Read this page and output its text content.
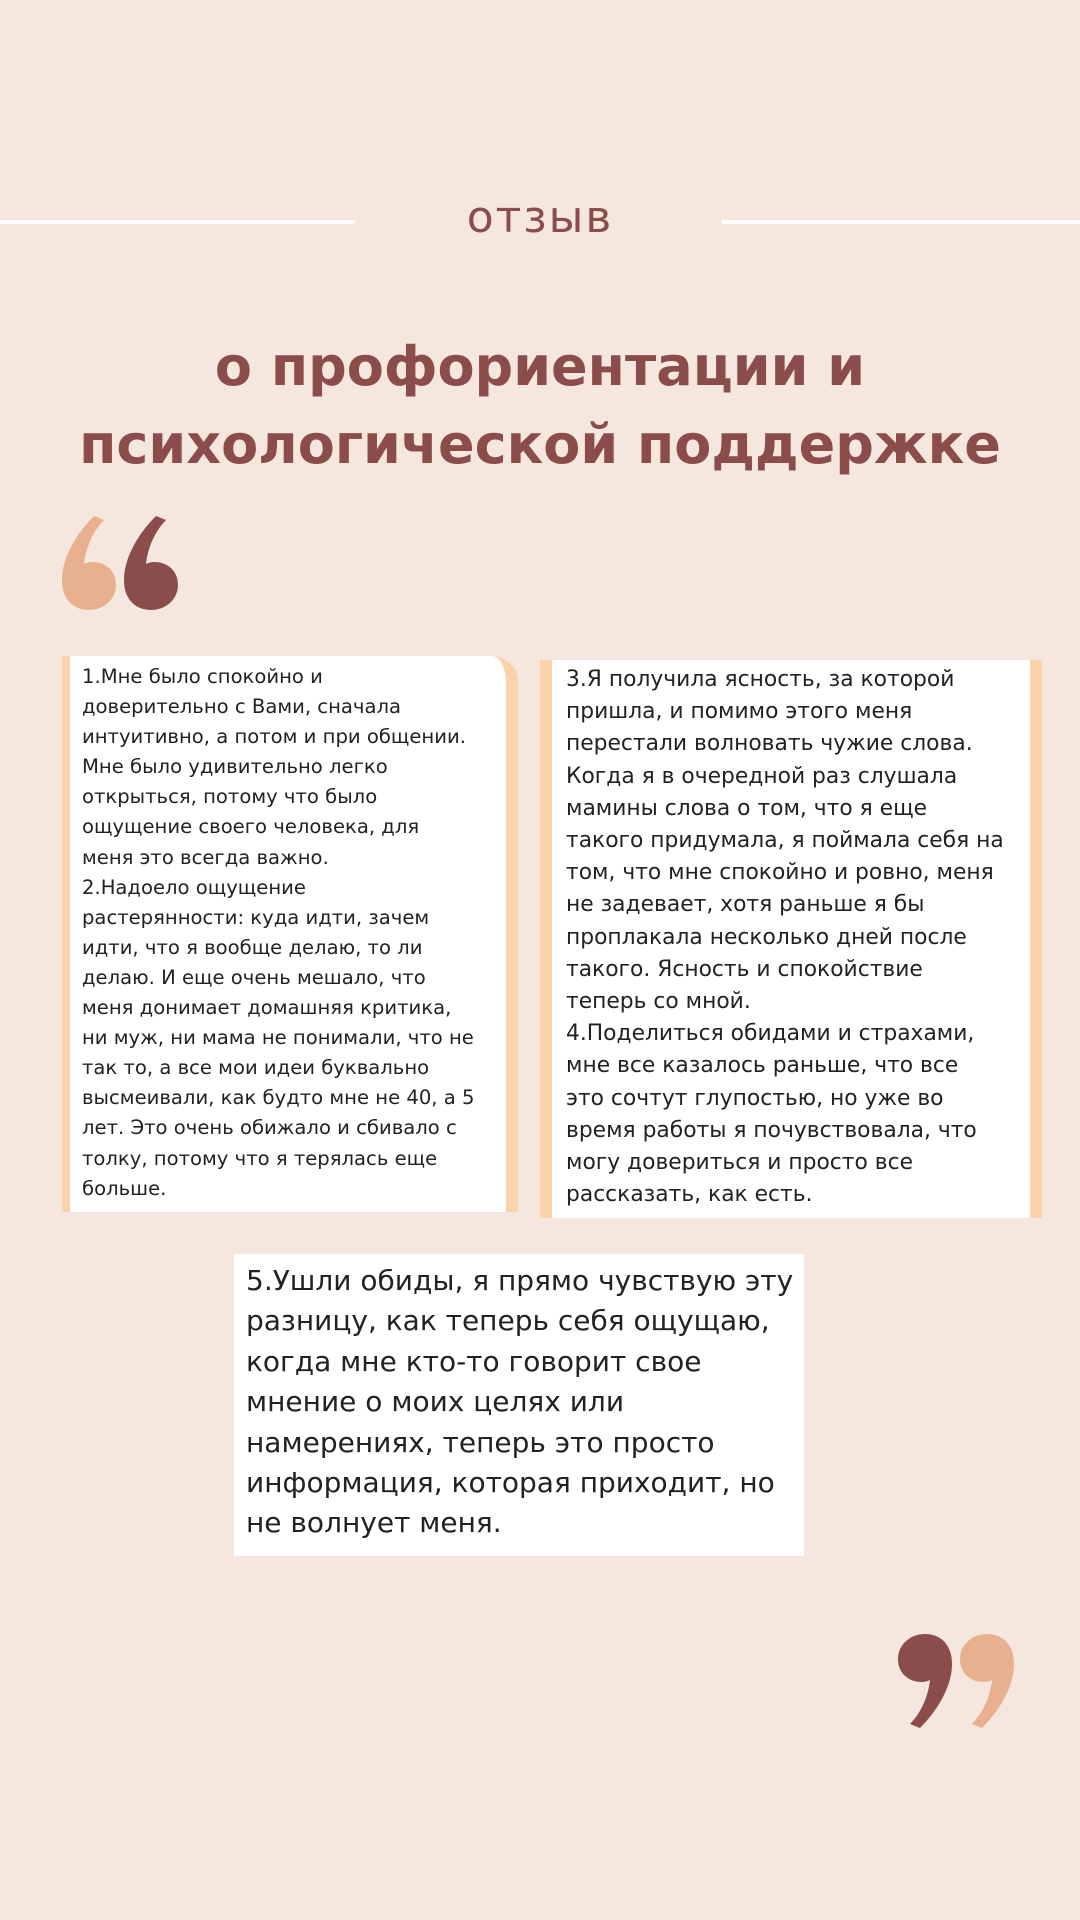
отзыв
о профориентации и
психологической поддержке

1.Мне было спокойно и
доверительно с Вами, сначала
интуитивно, а потом и при общении.
Мне было удивительно легко
открыться, потому что было
ощущение своего человека, для
меня это всегда важно.
2.Надоело ощущение
растерянности: куда идти, зачем
идти, что я вообще делаю, то ли
делаю. И еще очень мешало, что
меня донимает домашняя критика,
ни муж, ни мама не понимали, что не
так то, а все мои идеи буквально
высмеивали, как будто мне не 40, а 5
лет. Это очень обижало и сбивало с
толку, потому что я терялась еще
больше.

3.Я получила ясность, за которой
пришла, и помимо этого меня
перестали волновать чужие слова.
Когда я в очередной раз слушала
мамины слова о том, что я еще
такого придумала, я поймала себя на
том, что мне спокойно и ровно, меня
не задевает, хотя раньше я бы
проплакала несколько дней после
такого. Ясность и спокойствие
теперь со мной.
4.Поделиться обидами и страхами,
мне все казалось раньше, что все
это сочтут глупостью, но уже во
время работы я почувствовала, что
могу довериться и просто все
рассказать, как есть.

5.Ушли обиды, я прямо чувствую эту
разницу, как теперь себя ощущаю,
когда мне кто-то говорит свое
мнение о моих целях или
намерениях, теперь это просто
информация, которая приходит, но
не волнует меня.
